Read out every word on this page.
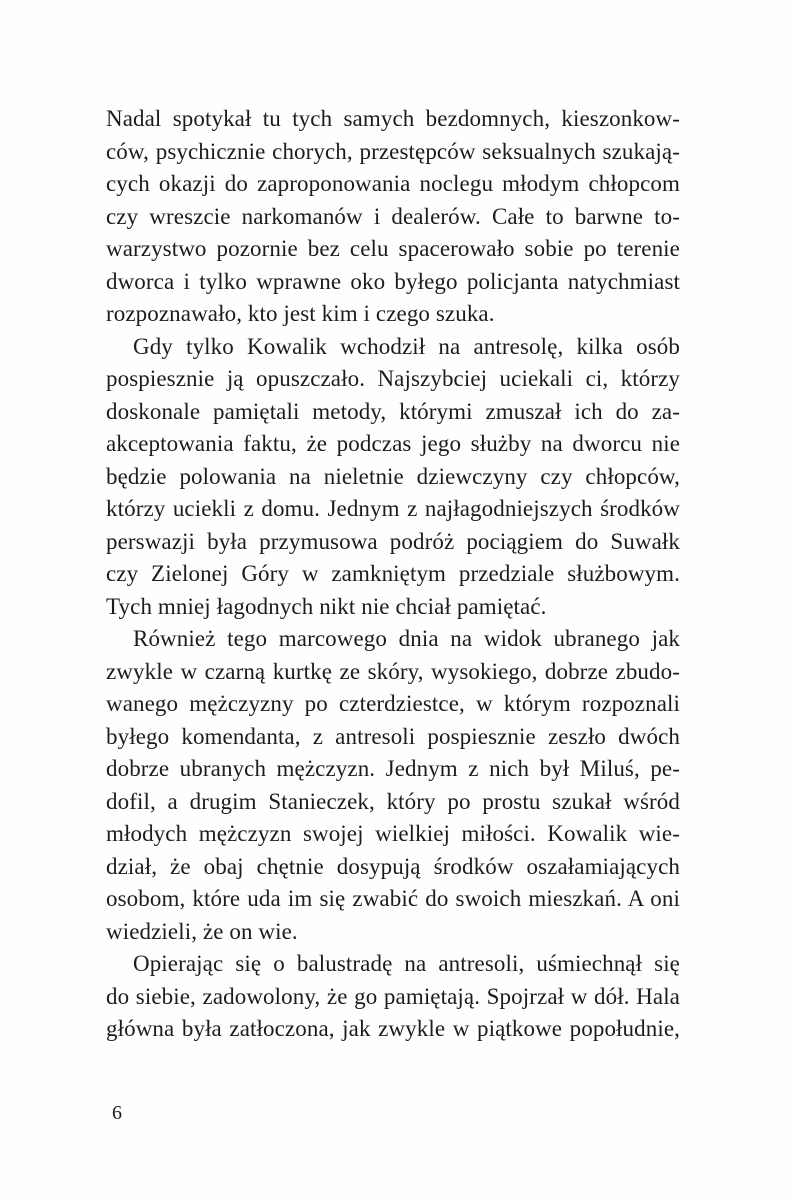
Nadal spotykał tu tych samych bezdomnych, kieszonkow-
ców, psychicznie chorych, przestępców seksualnych szukają-
cych okazji do zaproponowania noclegu młodym chłopcom
czy wreszcie narkomanów i dealerów. Całe to barwne to-
warzystwo pozornie bez celu spacerowało sobie po terenie
dworca i tylko wprawne oko byłego policjanta natychmiast
rozpoznawało, kto jest kim i czego szuka.
Gdy tylko Kowalik wchodził na antresolę, kilka osób
pospiesznie ją opuszczało. Najszybciej uciekali ci, którzy
doskonale pamiętali metody, którymi zmuszał ich do za-
akceptowania faktu, że podczas jego służby na dworcu nie
będzie polowania na nieletnie dziewczyny czy chłopców,
którzy uciekli z domu. Jednym z najłagodniejszych środków
perswazji była przymusowa podróż pociągiem do Suwałk
czy Zielonej Góry w zamkniętym przedziale służbowym.
Tych mniej łagodnych nikt nie chciał pamiętać.
Również tego marcowego dnia na widok ubranego jak
zwykle w czarną kurtkę ze skóry, wysokiego, dobrze zbudo-
wanego mężczyzny po czterdziestce, w którym rozpoznali
byłego komendanta, z antresoli pospiesznie zeszło dwóch
dobrze ubranych mężczyzn. Jednym z nich był Miluś, pe-
dofil, a drugim Stanieczek, który po prostu szukał wśród
młodych mężczyzn swojej wielkiej miłości. Kowalik wie-
dział, że obaj chętnie dosypują środków oszałamiających
osobom, które uda im się zwabić do swoich mieszkań. A oni
wiedzieli, że on wie.
Opierając się o balustradę na antresoli, uśmiechnął się
do siebie, zadowolony, że go pamiętają. Spojrzał w dół. Hala
główna była zatłoczona, jak zwykle w piątkowe popołudnie,
6
